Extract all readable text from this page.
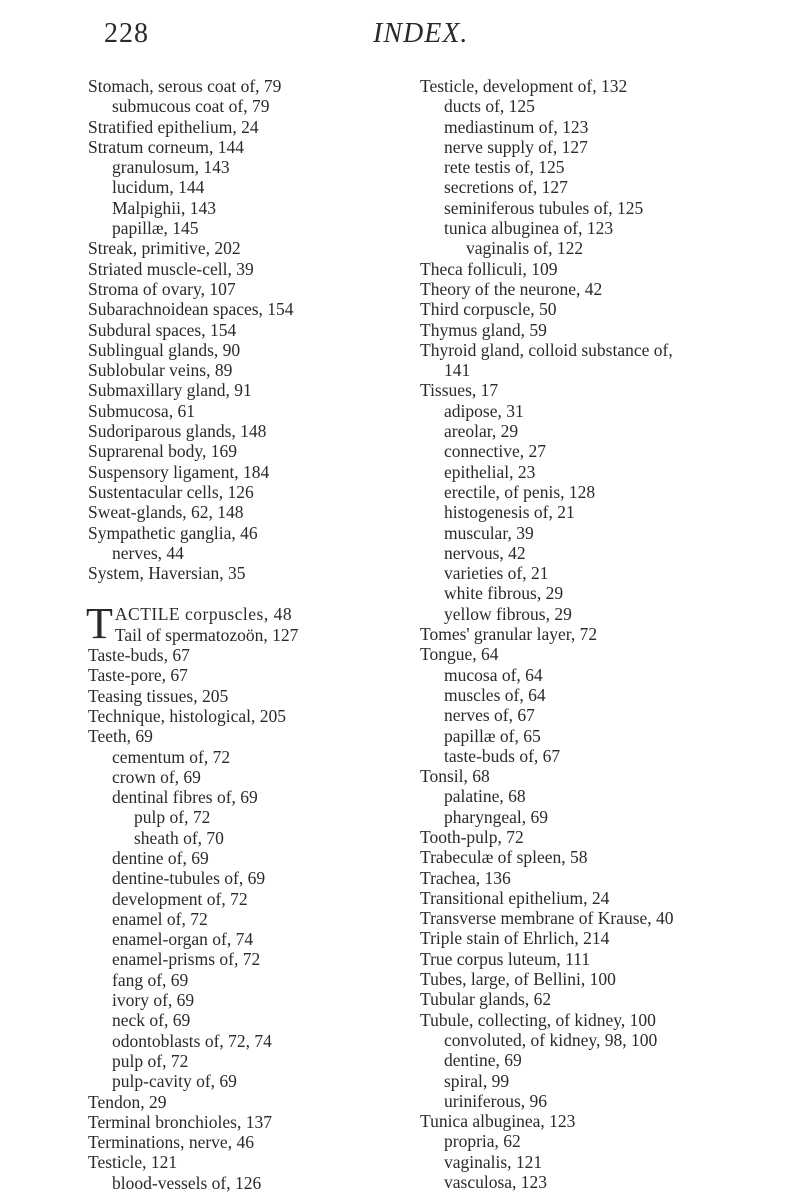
228	INDEX.
Stomach, serous coat of, 79
submucous coat of, 79
Stratified epithelium, 24
Stratum corneum, 144
granulosum, 143
lucidum, 144
Malpighii, 143
papillæ, 145
Streak, primitive, 202
Striated muscle-cell, 39
Stroma of ovary, 107
Subarachnoidean spaces, 154
Subdural spaces, 154
Sublingual glands, 90
Sublobular veins, 89
Submaxillary gland, 91
Submucosa, 61
Sudoriparous glands, 148
Suprarenal body, 169
Suspensory ligament, 184
Sustentacular cells, 126
Sweat-glands, 62, 148
Sympathetic ganglia, 46
nerves, 44
System, Haversian, 35
T ACTILE corpuscles, 48
Tail of spermatozoön, 127
Taste-buds, 67
Taste-pore, 67
Teasing tissues, 205
Technique, histological, 205
Teeth, 69
cementum of, 72
crown of, 69
dentinal fibres of, 69
pulp of, 72
sheath of, 70
dentine of, 69
dentine-tubules of, 69
development of, 72
enamel of, 72
enamel-organ of, 74
enamel-prisms of, 72
fang of, 69
ivory of, 69
neck of, 69
odontoblasts of, 72, 74
pulp of, 72
pulp-cavity of, 69
Tendon, 29
Terminal bronchioles, 137
Terminations, nerve, 46
Testicle, 121
blood-vessels of, 126
Testicle, development of, 132
ducts of, 125
mediastinum of, 123
nerve supply of, 127
rete testis of, 125
secretions of, 127
seminiferous tubules of, 125
tunica albuginea of, 123
vaginalis of, 122
Theca folliculi, 109
Theory of the neurone, 42
Third corpuscle, 50
Thymus gland, 59
Thyroid gland, colloid substance of,
141
Tissues, 17
adipose, 31
areolar, 29
connective, 27
epithelial, 23
erectile, of penis, 128
histogenesis of, 21
muscular, 39
nervous, 42
varieties of, 21
white fibrous, 29
yellow fibrous, 29
Tomes' granular layer, 72
Tongue, 64
mucosa of, 64
muscles of, 64
nerves of, 67
papillæ of, 65
taste-buds of, 67
Tonsil, 68
palatine, 68
pharyngeal, 69
Tooth-pulp, 72
Trabeculæ of spleen, 58
Trachea, 136
Transitional epithelium, 24
Transverse membrane of Krause, 40
Triple stain of Ehrlich, 214
True corpus luteum, 111
Tubes, large, of Bellini, 100
Tubular glands, 62
Tubule, collecting, of kidney, 100
convoluted, of kidney, 98, 100
dentine, 69
spiral, 99
uriniferous, 96
Tunica albuginea, 123
propria, 62
vaginalis, 121
vasculosa, 123
